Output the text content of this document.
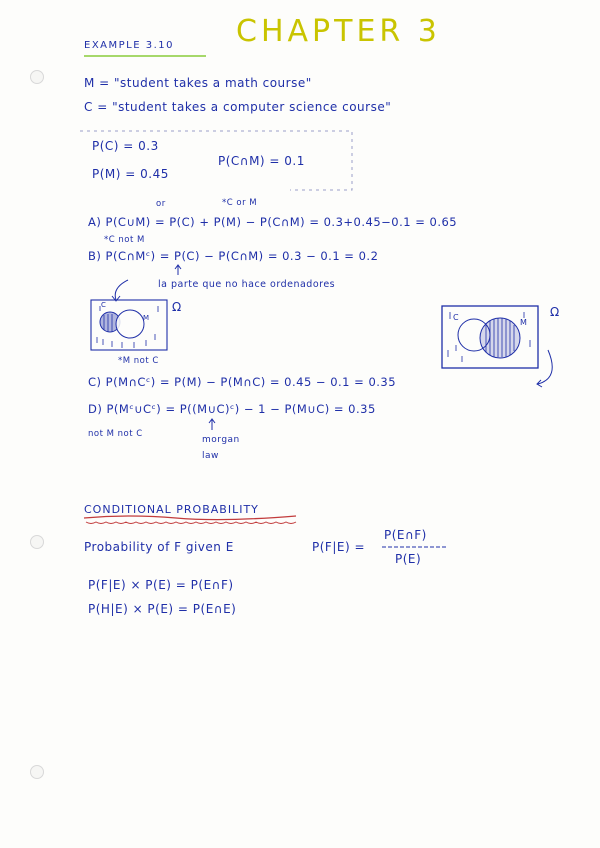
CHAPTER 3
EXAMPLE 3.10
M = "student takes a math course"
C = "student takes a computer science course"
P(C) = 0.3
P(M) = 0.45
P(C∩M) = 0.1
or	*C or M
A) P(C∪M) = P(C) + P(M) − P(C∩M) = 0.3+0.45−0.1 = 0.65
*C not M
B) P(C∩Mᶜ) = P(C) − P(C∩M) = 0.3 − 0.1 = 0.2
la parte que no hace ordenadores
Ω	Ω
C
M	C
M
*M not C
C) P(M∩Cᶜ) = P(M) − P(M∩C) = 0.45 − 0.1 = 0.35
D) P(Mᶜ∪Cᶜ) = P((M∪C)ᶜ) − 1 − P(M∪C) = 0.35
not M not C
morgan law
CONDITIONAL PROBABILITY
Probability of F given E	P(F|E) =
P(E∩F)
P(E)
P(F|E) × P(E) = P(E∩F)
P(H|E) × P(E) = P(E∩E)
